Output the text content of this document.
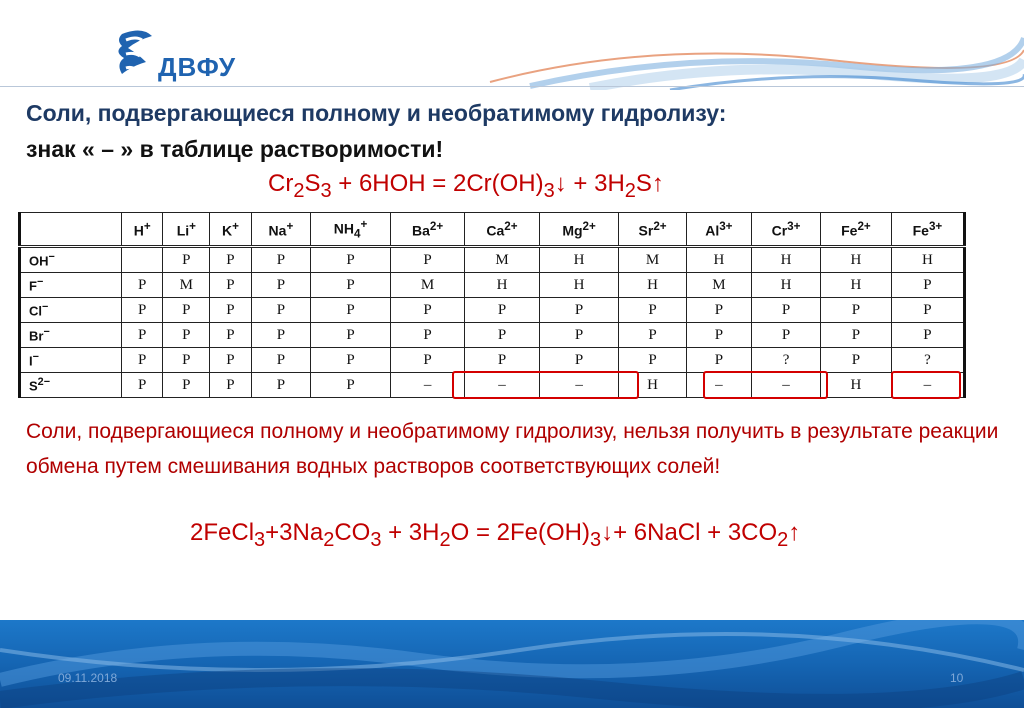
ДВФУ
Соли, подвергающиеся полному и необратимому гидролизу:
знак « – » в таблице растворимости!
$Cr_2S_3 + 6HOH$ = $2Cr(OH)_3↓$ + $3H_2S↑$
	H+	Li+	K+	Na+	$NH_4^+$	$Ba^{2+}$	$Ca^{2+}$	$Mg^{2+}$	$Sr^{2+}$	$Al^{3+}$	$Cr^{3+}$	$Fe^{2+}$	$Fe^{3+}$
OH−		Р	Р	Р	Р	Р	М	Н	М	Н	Н	Н	Н
F−	Р	М	Р	Р	Р	М	Н	Н	Н	М	Н	Н	Р
Cl−	Р	Р	Р	Р	Р	Р	Р	Р	Р	Р	Р	Р	Р
Br−	Р	Р	Р	Р	Р	Р	Р	Р	Р	Р	Р	Р	Р
I−	Р	Р	Р	Р	Р	Р	Р	Р	Р	Р	?	Р	?
$S^{2-}$	Р	Р	Р	Р	Р	–	–	–	Н	–	–	Н	–
Соли, подвергающиеся полному и необратимому гидролизу, нельзя получить в результате реакции обмена путем смешивания водных растворов соответствующих солей!
$2FeCl_3+3Na_2CO_3 + 3H_2O$ = $2Fe(OH)_3↓+$ 6NaCl + $3CO_2↑$
09.11.2018	10
